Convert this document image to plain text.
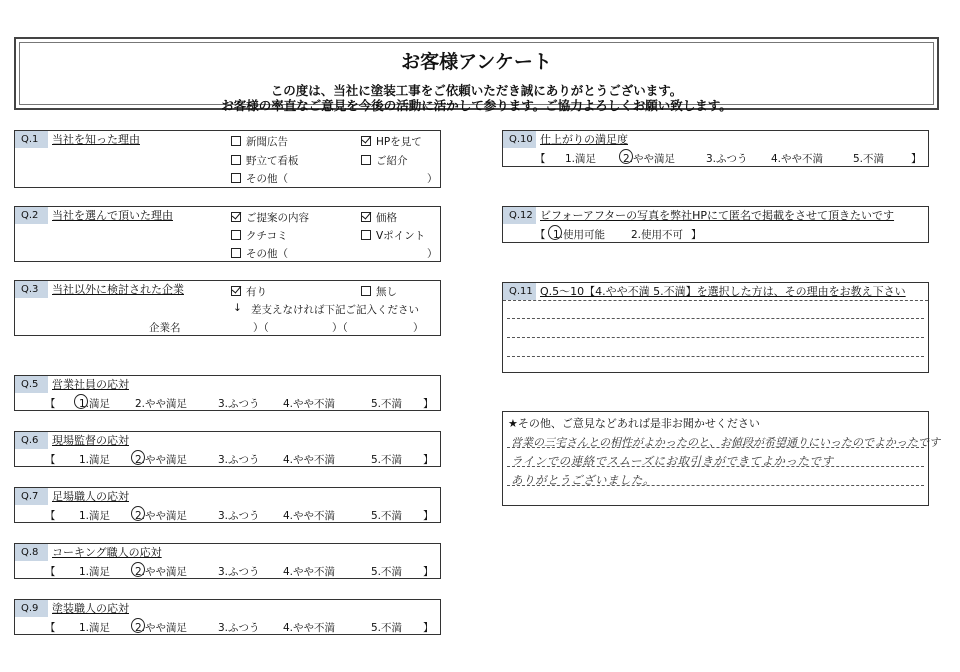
お客様アンケート
この度は、当社に塗装工事をご依頼いただき誠にありがとうございます。
お客様の率直なご意見を今後の活動に活かして参ります。ご協力よろしくお願い致します。
Q.1	当社を知った理由	新聞広告	HPを見て
野立て看板	ご紹介
その他（	）
Q.2	当社を選んで頂いた理由	ご提案の内容	価格
クチコミ	Vポイント
その他（	）
Q.3	当社以外に検討された企業	有り	無し
↓ 差支えなければ下記ご記入ください
企業名	）（	）（	）
Q.5	営業社員の応対
【 1.満足 2.やや満足	3.ふつう 4.やや不満	5.不満 】
Q.6	現場監督の応対
【 1.満足 2.やや満足	3.ふつう 4.やや不満	5.不満 】
Q.7	足場職人の応対
【 1.満足 2.やや満足	3.ふつう 4.やや不満	5.不満 】
Q.8	コーキング職人の応対
【 1.満足 2.やや満足	3.ふつう 4.やや不満	5.不満 】
Q.9	塗装職人の応対
【 1.満足 2.やや満足	3.ふつう 4.やや不満	5.不満 】
Q.10 仕上がりの満足度
【 1.満足	2.やや満足	3.ふつう 4.やや不満	5.不満	】
Q.12 ビフォーアフターの写真を弊社HPにて匿名で掲載をさせて頂きたいです
【 1.使用可能 2.使用不可 】
Q.11 Q.5～10【4.やや不満 5.不満】を選択した方は、その理由をお教え下さい
★その他、ご意見などあれば是非お聞かせください
営業の三宅さんとの相性がよかったのと、お値段が希望通りにいったのでよかったです
ラインでの連絡でスムーズにお取引きができてよかったです
ありがとうございました。
